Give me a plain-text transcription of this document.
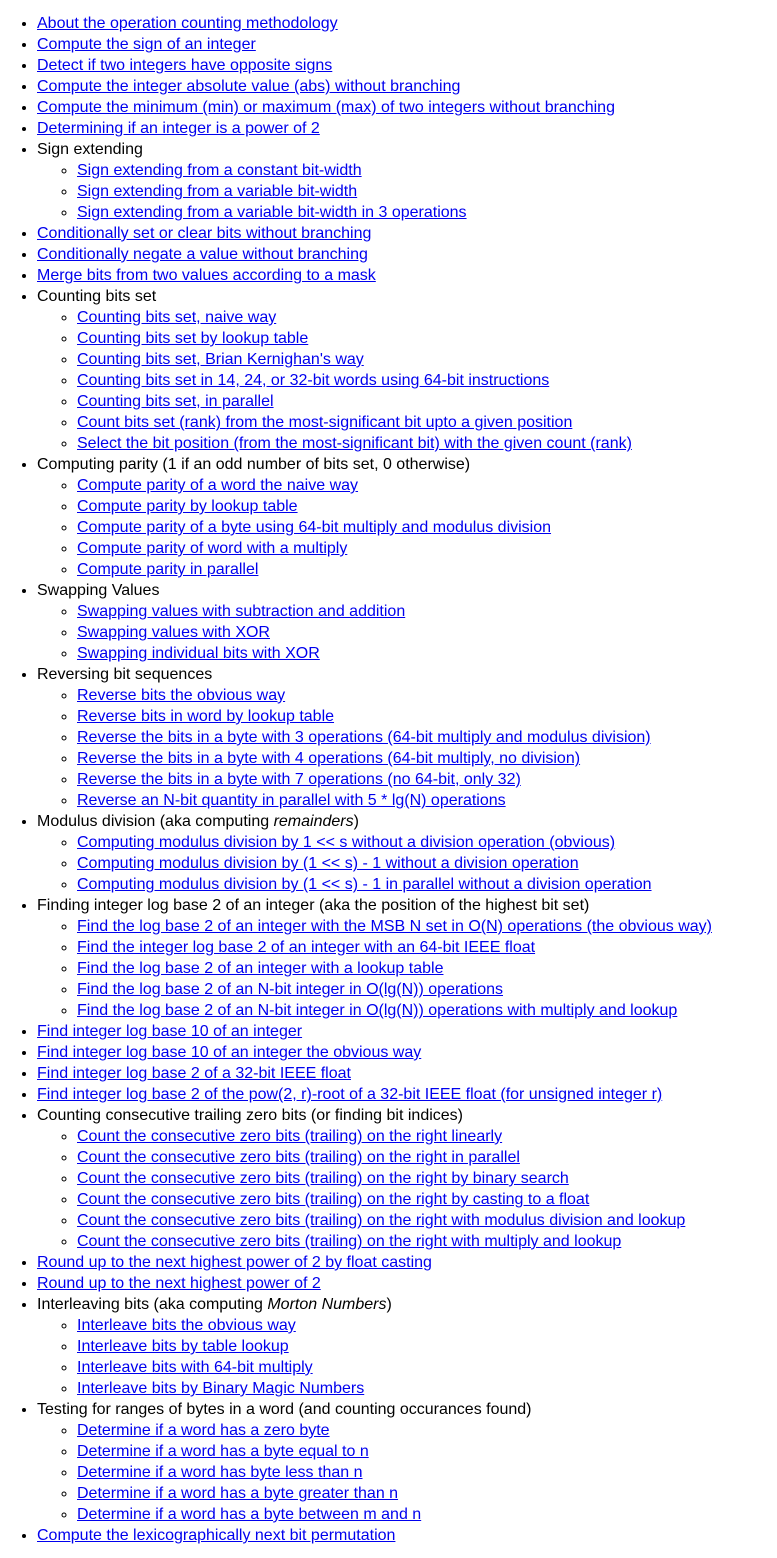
• About the operation counting methodology
• Compute the sign of an integer
• Detect if two integers have opposite signs
• Compute the integer absolute value (abs) without branching
• Compute the minimum (min) or maximum (max) of two integers without branching
• Determining if an integer is a power of 2
• Sign extending
◦ Sign extending from a constant bit-width
◦ Sign extending from a variable bit-width
◦ Sign extending from a variable bit-width in 3 operations
• Conditionally set or clear bits without branching
• Conditionally negate a value without branching
• Merge bits from two values according to a mask
• Counting bits set
◦ Counting bits set, naive way
◦ Counting bits set by lookup table
◦ Counting bits set, Brian Kernighan's way
◦ Counting bits set in 14, 24, or 32-bit words using 64-bit instructions
◦ Counting bits set, in parallel
◦ Count bits set (rank) from the most-significant bit upto a given position
◦ Select the bit position (from the most-significant bit) with the given count (rank)
• Computing parity (1 if an odd number of bits set, 0 otherwise)
◦ Compute parity of a word the naive way
◦ Compute parity by lookup table
◦ Compute parity of a byte using 64-bit multiply and modulus division
◦ Compute parity of word with a multiply
◦ Compute parity in parallel
• Swapping Values
◦ Swapping values with subtraction and addition
◦ Swapping values with XOR
◦ Swapping individual bits with XOR
• Reversing bit sequences
◦ Reverse bits the obvious way
◦ Reverse bits in word by lookup table
◦ Reverse the bits in a byte with 3 operations (64-bit multiply and modulus division)
◦ Reverse the bits in a byte with 4 operations (64-bit multiply, no division)
◦ Reverse the bits in a byte with 7 operations (no 64-bit, only 32)
◦ Reverse an N-bit quantity in parallel with 5 * lg(N) operations
• Modulus division (aka computing remainders)
◦ Computing modulus division by 1 << s without a division operation (obvious)
◦ Computing modulus division by (1 << s) - 1 without a division operation
◦ Computing modulus division by (1 << s) - 1 in parallel without a division operation
• Finding integer log base 2 of an integer (aka the position of the highest bit set)
◦ Find the log base 2 of an integer with the MSB N set in O(N) operations (the obvious way)
◦ Find the integer log base 2 of an integer with an 64-bit IEEE float
◦ Find the log base 2 of an integer with a lookup table
◦ Find the log base 2 of an N-bit integer in O(lg(N)) operations
◦ Find the log base 2 of an N-bit integer in O(lg(N)) operations with multiply and lookup
• Find integer log base 10 of an integer
• Find integer log base 10 of an integer the obvious way
• Find integer log base 2 of a 32-bit IEEE float
• Find integer log base 2 of the pow(2, r)-root of a 32-bit IEEE float (for unsigned integer r)
• Counting consecutive trailing zero bits (or finding bit indices)
◦ Count the consecutive zero bits (trailing) on the right linearly
◦ Count the consecutive zero bits (trailing) on the right in parallel
◦ Count the consecutive zero bits (trailing) on the right by binary search
◦ Count the consecutive zero bits (trailing) on the right by casting to a float
◦ Count the consecutive zero bits (trailing) on the right with modulus division and lookup
◦ Count the consecutive zero bits (trailing) on the right with multiply and lookup
• Round up to the next highest power of 2 by float casting
• Round up to the next highest power of 2
• Interleaving bits (aka computing Morton Numbers)
◦ Interleave bits the obvious way
◦ Interleave bits by table lookup
◦ Interleave bits with 64-bit multiply
◦ Interleave bits by Binary Magic Numbers
• Testing for ranges of bytes in a word (and counting occurances found)
◦ Determine if a word has a zero byte
◦ Determine if a word has a byte equal to n
◦ Determine if a word has byte less than n
◦ Determine if a word has a byte greater than n
◦ Determine if a word has a byte between m and n
• Compute the lexicographically next bit permutation
